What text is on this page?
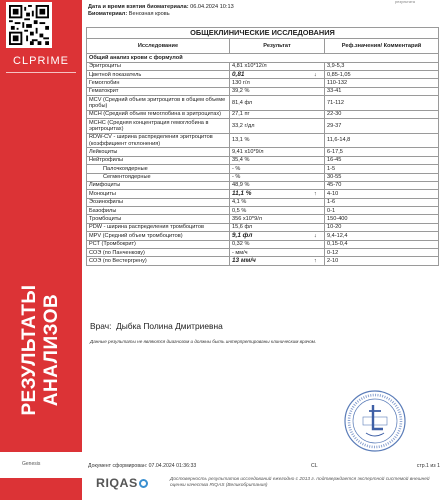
CLPRIME
РЕЗУЛЬТАТЫ АНАЛИЗОВ
Genesis
Дата и время взятия биоматериала: 06.04.2024 10:13
Биоматериал: Венозная кровь
результата
ОБЩЕКЛИНИЧЕСКИЕ ИССЛЕДОВАНИЯ			
Исследование	Результат		Реф.значения/ Комментарий
Общий анализ крови с формулой			
Эритроциты	4,81 х10*12/л		3,9-5,3
Цветной показатель	0,81	↓	0,85-1,05
Гемоглобин	130 г/л		110-132
Гематокрит	39,2 %		33-41
MCV (Средний объем эритроцитов в общем объеме пробы)	81,4 фл		71-112
МСН (Средний объем гемоглобина в эритроцитах)	27,1 пг		22-30
МСНС (Средняя концентрация гемоглобина в эритроцитах)	33,2 г/дл		29-37
RDW-CV - ширина распределения эритроцитов (коэффициент отклонения)	13,1 %		11,6-14,8
Лейкоциты	9,41 х10*9/л		6-17,5
Нейтрофилы	35,4 %		16-45
Палочкоядерные	- %		1-5
Сегментоядерные	- %		30-55
Лимфоциты	48,9 %		45-70
Моноциты	11,1 %	↑	4-10
Эозинофилы	4,1 %		1-6
Базофилы	0,5 %		0-1
Тромбоциты	356 х10*9/л		150-400
PDW - ширина распределения тромбоцитов	15,6 фл		10-20
MPV (Средний объем тромбоцитов)	9,1 фл	↓	9,4-12,4
РСТ (Тромбокрит)	0,32 %		0,15-0,4
СОЭ (по Панченкову)	- мм/ч		0-12
СОЭ (по Вестергрену)	13 мм/ч	↑	2-10
Врач: Дыбка Полина Дмитриевна
Данные результаты не являются диагнозом и должны быть интерпретированы клиническим врачом.
Документ сформирован: 07.04.2024 01:36:33	CL	стр.1 из 1
RIQAS	Достоверность результатов исследований ежегодно с 2013 г. подтверждается экспертной системой внешней оценки качества RIQAS (Великобритания)
